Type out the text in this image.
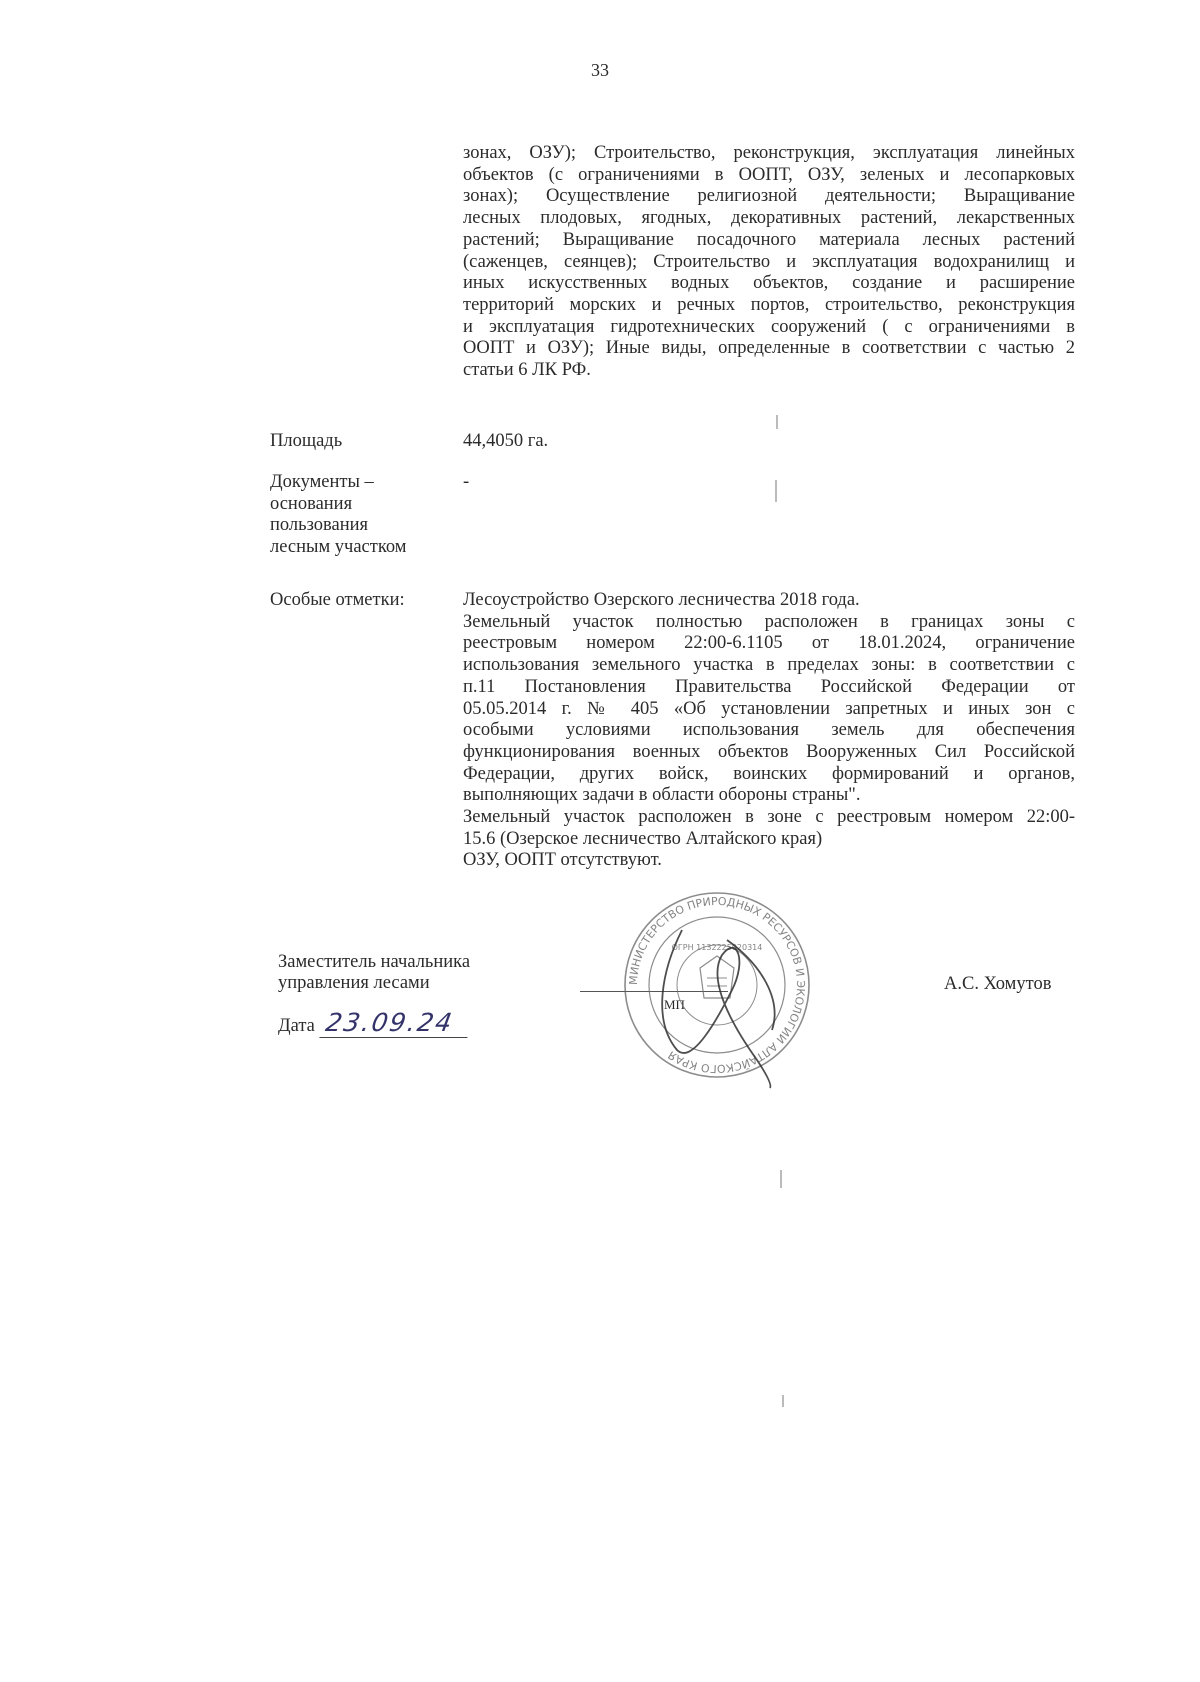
33

зонах, ОЗУ); Строительство, реконструкция, эксплуатация линейных

объектов (с ограничениями в ООПТ, ОЗУ, зеленых и лесопарковых

зонах); Осуществление религиозной деятельности; Выращивание

лесных плодовых, ягодных, декоративных растений, лекарственных

растений; Выращивание посадочного материала лесных растений

(саженцев, сеянцев); Строительство и эксплуатация водохранилищ и

иных искусственных водных объектов, создание и расширение

территорий морских и речных портов, строительство, реконструкция

и эксплуатация гидротехнических сооружений ( с ограничениями в

ООПТ и ОЗУ); Иные виды, определенные в соответствии с частью 2

статьи 6 ЛК РФ.

Площадь	44,4050 га.
Документы –
основания
пользования
лесным участком
-
Особые отметки:	Лесоустройство Озерского лесничества 2018 года.

Земельный участок полностью расположен в границах зоны с

реестровым номером 22:00-6.1105 от 18.01.2024, ограничение

использования земельного участка в пределах зоны: в соответствии с

п.11 Постановления Правительства Российской Федерации от

05.05.2014 г. № 405 «Об установлении запретных и иных зон с

особыми условиями использования земель для обеспечения

функционирования военных объектов Вооруженных Сил Российской

Федерации, других войск, воинских формирований и органов,

выполняющих задачи в области обороны страны".

Земельный участок расположен в зоне с реестровым номером 22:00-

15.6 (Озерское лесничество Алтайского края)

ОЗУ, ООПТ отсутствуют.

Заместитель начальника
управления лесами
МП
А.С. Хомутов
Дата 23.09.24
МИНИСТЕРСТВО ПРИРОДНЫХ РЕСУРСОВ И ЭКОЛОГИИ АЛТАЙСКОГО КРАЯ
ОГРН 1132225020314
